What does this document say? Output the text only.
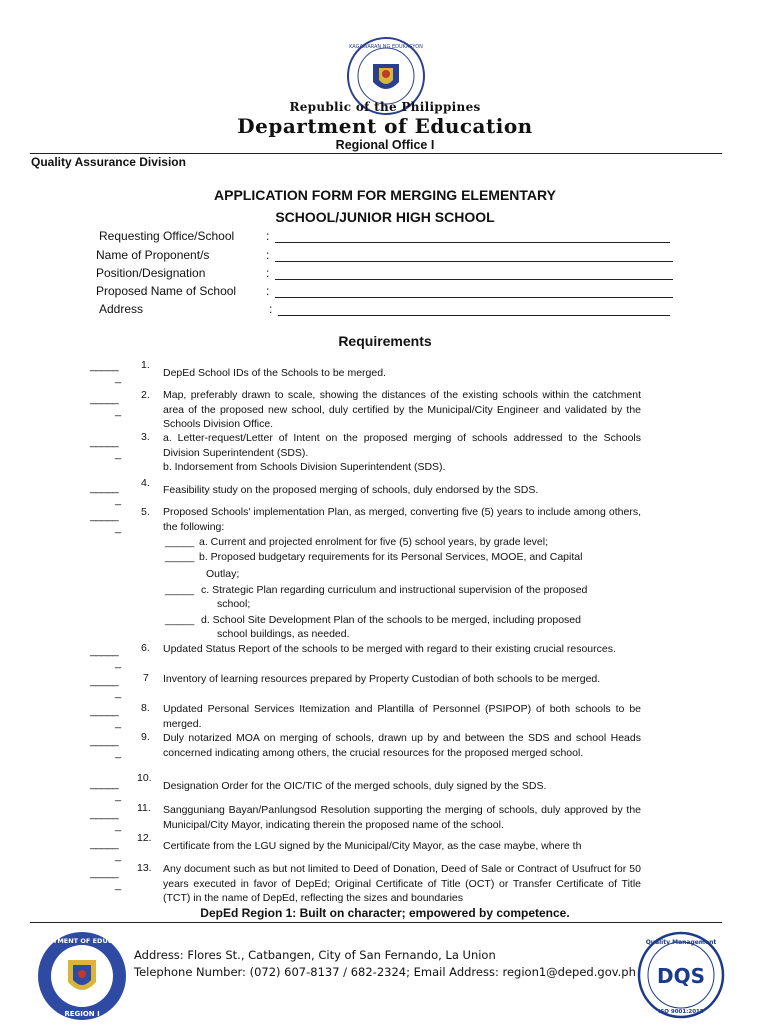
KAGAWARAN NG EDUKASYON
Republic of the Philippines
Department of Education
Regional Office I
Quality Assurance Division
APPLICATION FORM FOR MERGING ELEMENTARY
SCHOOL/JUNIOR HIGH SCHOOL
Requesting Office/School	:
Name of Proponent/s	:
Position/Designation	:
Proposed Name of School :
Address	:
Requirements
_____
_
1.
DepEd School IDs of the Schools to be merged.
_____
_
2. Map, preferably drawn to scale, showing the distances of the existing schools within the catchment area of the proposed new school, duly certified by the Municipal/City Engineer and validated by the Schools Division Office.
_____
_
3. a. Letter-request/Letter of Intent on the proposed merging of schools addressed to the Schools Division Superintendent (SDS).
b. Indorsement from Schools Division Superintendent (SDS).
_____
_
4.
Feasibility study on the proposed merging of schools, duly endorsed by the SDS.
_____
_
5. Proposed Schools' implementation Plan, as merged, converting five (5) years to include among others, the following:
_____ a. Current and projected enrolment for five (5) school years, by grade level;
_____ b. Proposed budgetary requirements for its Personal Services, MOOE, and Capital
Outlay;
_____ c. Strategic Plan regarding curriculum and instructional supervision of the proposed
school;
_____ d. School Site Development Plan of the schools to be merged, including proposed
school buildings, as needed.
_____
_
6. Updated Status Report of the schools to be merged with regard to their existing crucial resources.
_____
_
7 Inventory of learning resources prepared by Property Custodian of both schools to be merged.
_____
_
8. Updated Personal Services Itemization and Plantilla of Personnel (PSIPOP) of both schools to be merged.
_____
_
9. Duly notarized MOA on merging of schools, drawn up by and between the SDS and school Heads concerned indicating among others, the crucial resources for the proposed merged school.
_____
_
10.
Designation Order for the OIC/TIC of the merged schools, duly signed by the SDS.
_____
_
11. Sangguniang Bayan/Panlungsod Resolution supporting the merging of schools, duly approved by the Municipal/City Mayor, indicating therein the proposed name of the school.
_____
_
12.
Certificate from the LGU signed by the Municipal/City Mayor, as the case maybe, where th
_____
_
13. Any document such as but not limited to Deed of Donation, Deed of Sale or Contract of Usufruct for 50 years executed in favor of DepEd; Original Certificate of Title (OCT) or Transfer Certificate of Title (TCT) in the name of DepEd, reflecting the sizes and boundaries
DepEd Region 1: Built on character; empowered by competence.
DEPARTMENT OF EDUCATION
REGION I
Address: Flores St., Catbangen, City of San Fernando, La Union
Telephone Number: (072) 607-8137 / 682-2324; Email Address: region1@deped.gov.ph
Quality Management
DQS
ISO 9001:2015
